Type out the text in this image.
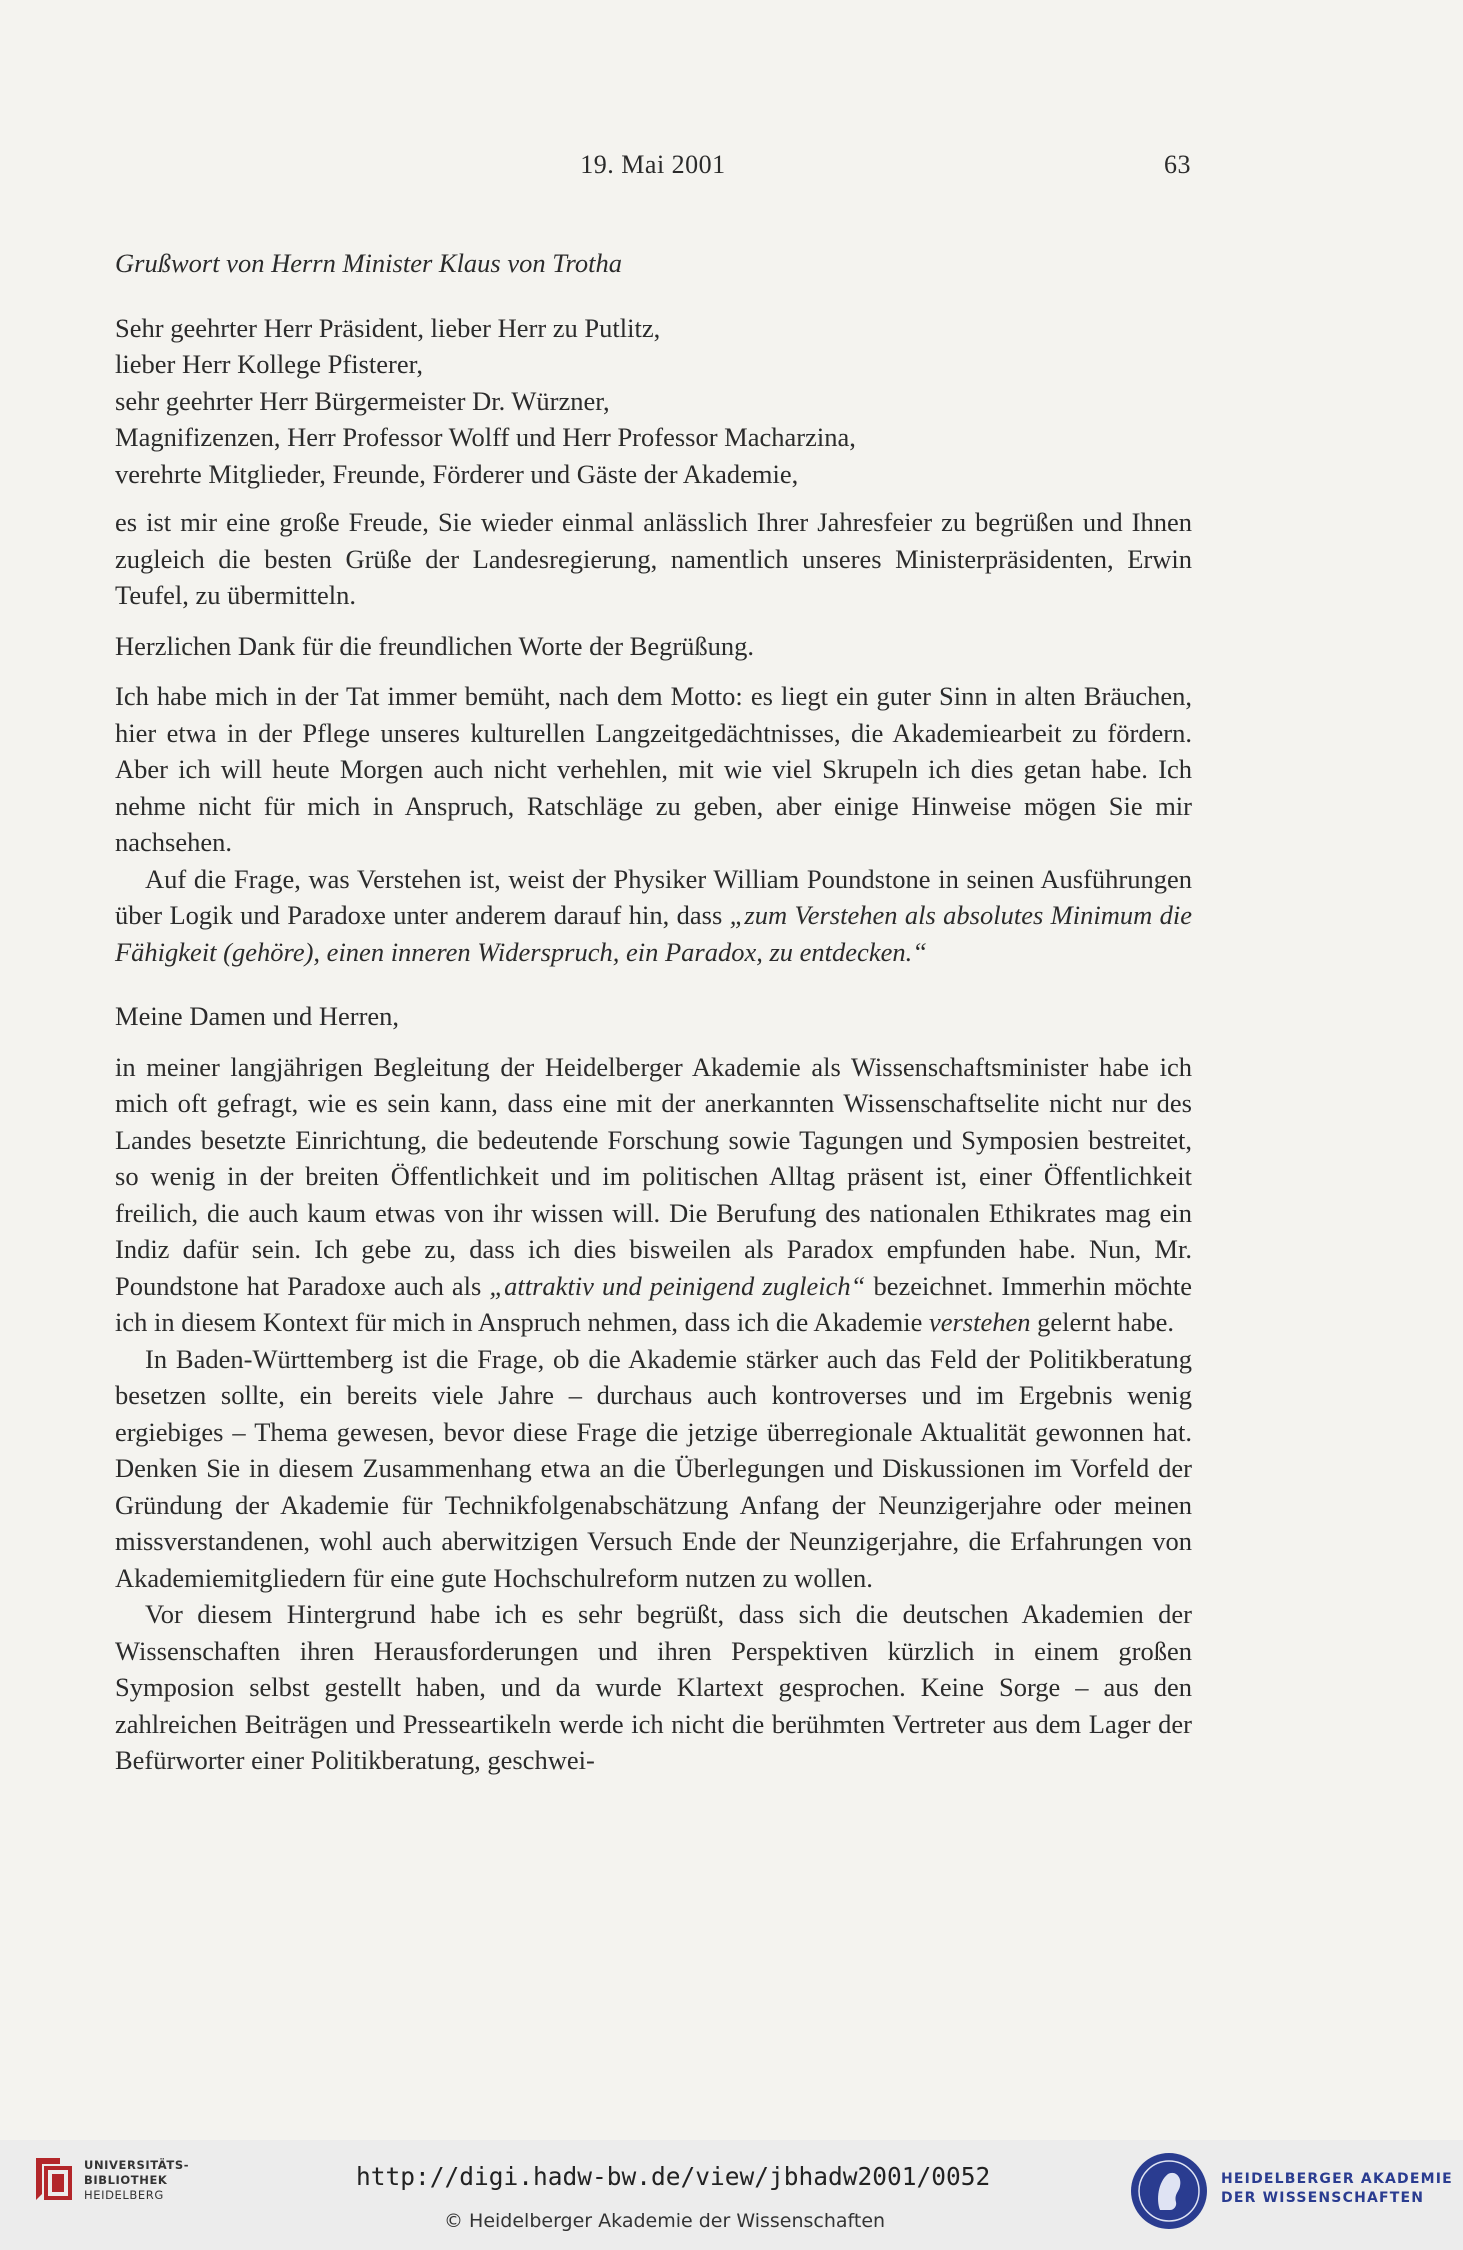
19. Mai 2001	63

Grußwort von Herrn Minister Klaus von Trotha

Sehr geehrter Herr Präsident, lieber Herr zu Putlitz,

lieber Herr Kollege Pfisterer,

sehr geehrter Herr Bürgermeister Dr. Würzner,

Magnifizenzen, Herr Professor Wolff und Herr Professor Macharzina,

verehrte Mitglieder, Freunde, Förderer und Gäste der Akademie,

es ist mir eine große Freude, Sie wieder einmal anlässlich Ihrer Jahresfeier zu begrüßen und Ihnen zugleich die besten Grüße der Landesregierung, namentlich unseres Ministerpräsidenten, Erwin Teufel, zu übermitteln.

Herzlichen Dank für die freundlichen Worte der Begrüßung.

Ich habe mich in der Tat immer bemüht, nach dem Motto: es liegt ein guter Sinn in alten Bräuchen, hier etwa in der Pflege unseres kulturellen Langzeitgedächtnisses, die Akademiearbeit zu fördern. Aber ich will heute Morgen auch nicht verhehlen, mit wie viel Skrupeln ich dies getan habe. Ich nehme nicht für mich in Anspruch, Ratschläge zu geben, aber einige Hinweise mögen Sie mir nachsehen.

Auf die Frage, was Verstehen ist, weist der Physiker William Poundstone in seinen Ausführungen über Logik und Paradoxe unter anderem darauf hin, dass „zum Verstehen als absolutes Minimum die Fähigkeit (gehöre), einen inneren Widerspruch, ein Paradox, zu entdecken.“

Meine Damen und Herren,

in meiner langjährigen Begleitung der Heidelberger Akademie als Wissenschaftsminister habe ich mich oft gefragt, wie es sein kann, dass eine mit der anerkannten Wissenschaftselite nicht nur des Landes besetzte Einrichtung, die bedeutende Forschung sowie Tagungen und Symposien bestreitet, so wenig in der breiten Öffentlichkeit und im politischen Alltag präsent ist, einer Öffentlichkeit freilich, die auch kaum etwas von ihr wissen will. Die Berufung des nationalen Ethikrates mag ein Indiz dafür sein. Ich gebe zu, dass ich dies bisweilen als Paradox empfunden habe. Nun, Mr. Poundstone hat Paradoxe auch als „attraktiv und peinigend zugleich“ bezeichnet. Immerhin möchte ich in diesem Kontext für mich in Anspruch nehmen, dass ich die Akademie verstehen gelernt habe.

In Baden-Württemberg ist die Frage, ob die Akademie stärker auch das Feld der Politikberatung besetzen sollte, ein bereits viele Jahre – durchaus auch kontroverses und im Ergebnis wenig ergiebiges – Thema gewesen, bevor diese Frage die jetzige überregionale Aktualität gewonnen hat. Denken Sie in diesem Zusammenhang etwa an die Überlegungen und Diskussionen im Vorfeld der Gründung der Akademie für Technikfolgenabschätzung Anfang der Neunzigerjahre oder meinen missverstandenen, wohl auch aberwitzigen Versuch Ende der Neunzigerjahre, die Erfahrungen von Akademiemitgliedern für eine gute Hochschulreform nutzen zu wollen.

Vor diesem Hintergrund habe ich es sehr begrüßt, dass sich die deutschen Akademien der Wissenschaften ihren Herausforderungen und ihren Perspektiven kürzlich in einem großen Symposion selbst gestellt haben, und da wurde Klartext gesprochen. Keine Sorge – aus den zahlreichen Beiträgen und Presseartikeln werde ich nicht die berühmten Vertreter aus dem Lager der Befürworter einer Politikberatung, geschwei-

UNIVERSITÄTS-
BIBLIOTHEK
HEIDELBERG
http://digi.hadw-bw.de/view/jbhadw2001/0052
© Heidelberger Akademie der Wissenschaften
HEIDELBERGER AKADEMIE
DER WISSENSCHAFTEN
